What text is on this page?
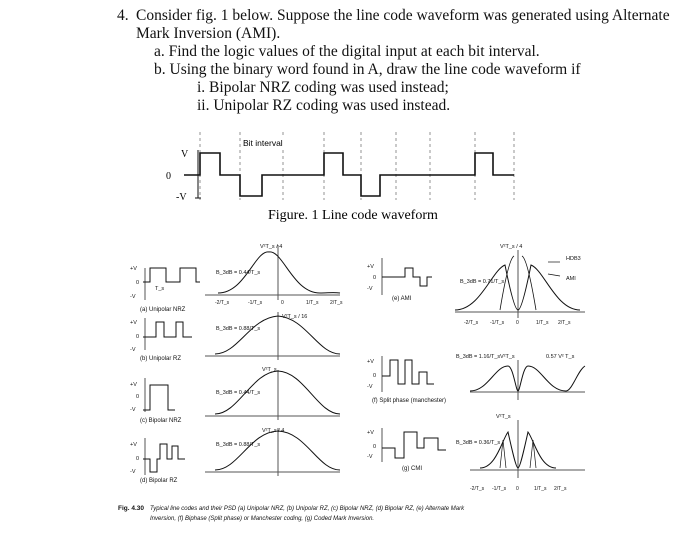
4. Consider fig. 1 below. Suppose the line code waveform was generated using Alternate
Mark Inversion (AMI).
a. Find the logic values of the digital input at each bit interval.
b. Using the binary word found in A, draw the line code waveform if
i. Bipolar NRZ coding was used instead;
ii. Unipolar RZ coding was used instead.
Bit interval
V
0
-V
Figure. 1 Line code waveform
+V
0
-V
+V
0
-V
+V
0
-V
+V
0
-V
+V
0
-V
+V
0
-V
+V
0
-V
T_s
(a) Unipolar NRZ
(b) Unipolar RZ
(c) Bipolar NRZ
(d) Bipolar RZ
(e) AMI
(f) Split phase (manchester)
(g) CMI
B_3dB = 0.44/T_s
B_3dB = 0.88/T_s
B_3dB = 0.44/T_s
B_3dB = 0.88/T_s
B_3dB = 0.71/T_s
B_3dB = 1.16/T_s
B_3dB = 0.36/T_s
V²T_s / 4
V²T_s / 16
V²T_s
V²T_s / 4
V²T_s / 4
V²T_s
V²T_s
0.57 V² T_s
HDB3
AMI
-2/T_s	-1/T_s	0	1/T_s 2/T_s
-2/T_s -1/T_s 0	1/T_s 2/T_s
-2/T_s -1/T_s 0	1/T_s 2/T_s
Fig. 4.30 Typical line codes and their PSD (a) Unipolar NRZ, (b) Unipolar RZ, (c) Bipolar NRZ, (d) Bipolar RZ, (e) Alternate Mark
Inversion, (f) Biphase (Split phase) or Manchester coding, (g) Coded Mark Inversion.
